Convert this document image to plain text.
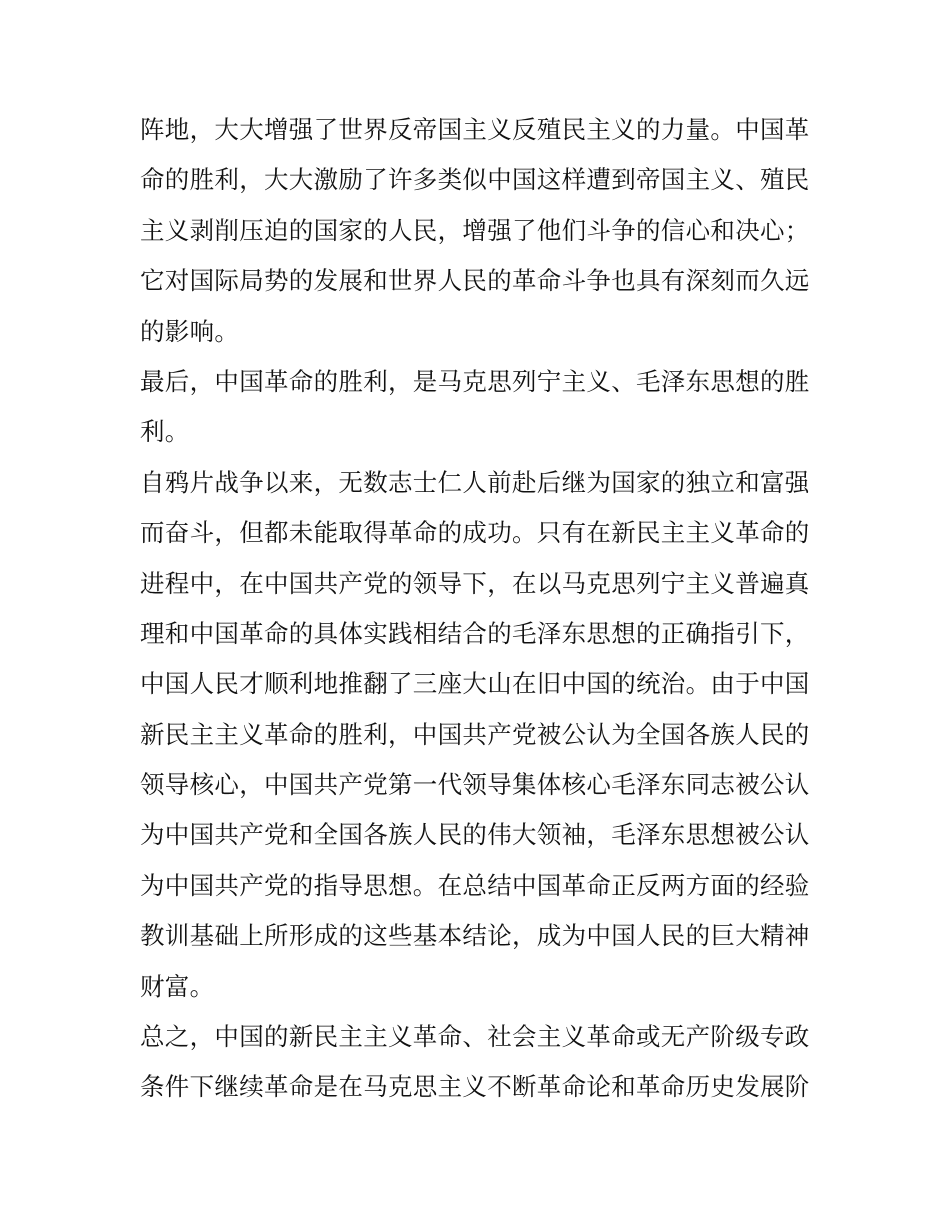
阵地，大大增强了世界反帝国主义反殖民主义的力量。中国革
命的胜利，大大激励了许多类似中国这样遭到帝国主义、殖民
主义剥削压迫的国家的人民，增强了他们斗争的信心和决心；
它对国际局势的发展和世界人民的革命斗争也具有深刻而久远
的影响。
最后，中国革命的胜利，是马克思列宁主义、毛泽东思想的胜
利。
自鸦片战争以来，无数志士仁人前赴后继为国家的独立和富强
而奋斗，但都未能取得革命的成功。只有在新民主主义革命的
进程中，在中国共产党的领导下，在以马克思列宁主义普遍真
理和中国革命的具体实践相结合的毛泽东思想的正确指引下，
中国人民才顺利地推翻了三座大山在旧中国的统治。由于中国
新民主主义革命的胜利，中国共产党被公认为全国各族人民的
领导核心，中国共产党第一代领导集体核心毛泽东同志被公认
为中国共产党和全国各族人民的伟大领袖，毛泽东思想被公认
为中国共产党的指导思想。在总结中国革命正反两方面的经验
教训基础上所形成的这些基本结论，成为中国人民的巨大精神
财富。
总之，中国的新民主主义革命、社会主义革命或无产阶级专政
条件下继续革命是在马克思主义不断革命论和革命历史发展阶
